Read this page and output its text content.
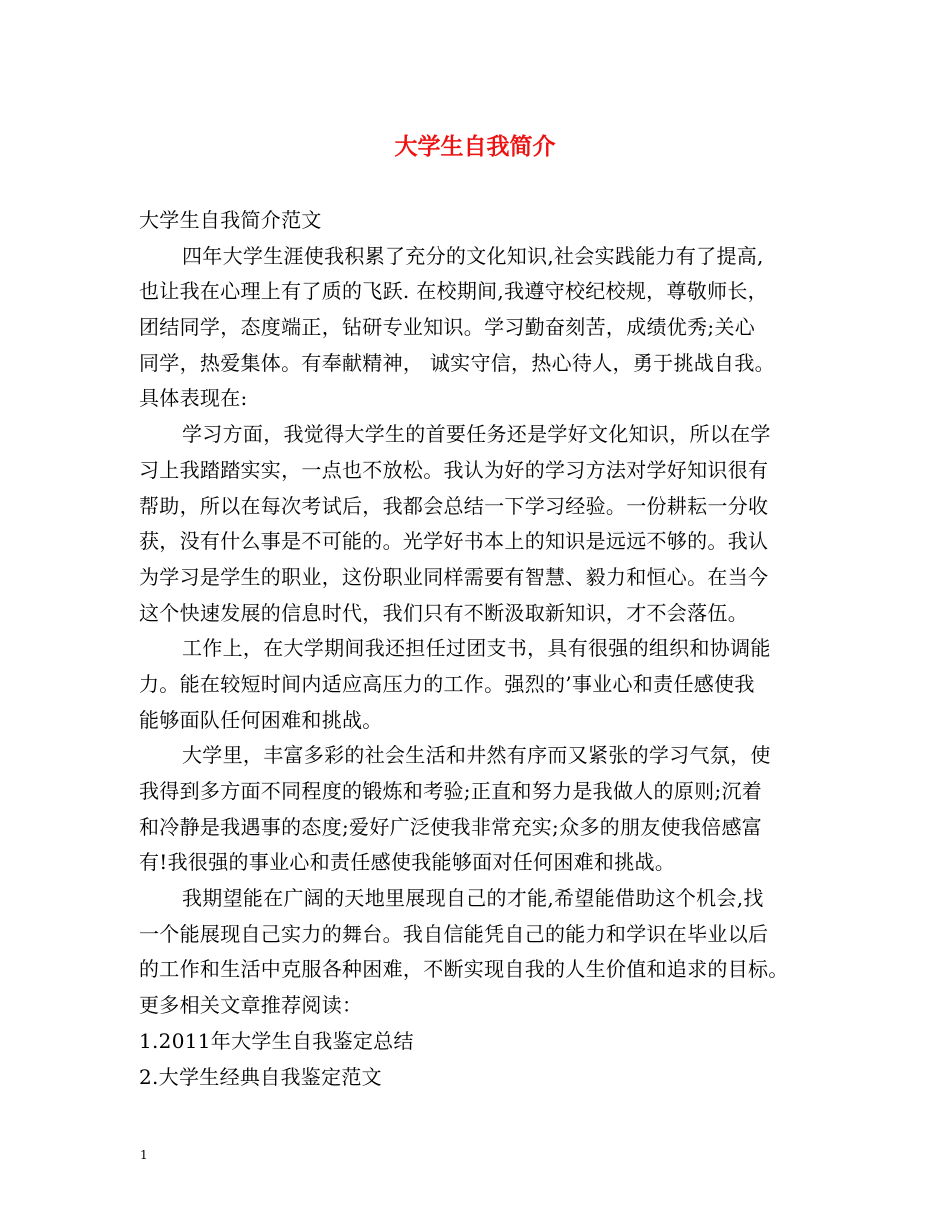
大学生自我简介
大学生自我简介范文
四年大学生涯使我积累了充分的文化知识,社会实践能力有了提高,
也让我在心理上有了质的飞跃. 在校期间,我遵守校纪校规，尊敬师长，
团结同学，态度端正，钻研专业知识。学习勤奋刻苦，成绩优秀;关心
同学，热爱集体。有奉献精神， 诚实守信，热心待人，勇于挑战自我。
具体表现在:
学习方面，我觉得大学生的首要任务还是学好文化知识，所以在学
习上我踏踏实实，一点也不放松。我认为好的学习方法对学好知识很有
帮助，所以在每次考试后，我都会总结一下学习经验。一份耕耘一分收
获，没有什么事是不可能的。光学好书本上的知识是远远不够的。我认
为学习是学生的职业，这份职业同样需要有智慧、毅力和恒心。在当今
这个快速发展的信息时代，我们只有不断汲取新知识，才不会落伍。
工作上，在大学期间我还担任过团支书，具有很强的组织和协调能
力。能在较短时间内适应高压力的工作。强烈的’事业心和责任感使我
能够面队任何困难和挑战。
大学里，丰富多彩的社会生活和井然有序而又紧张的学习气氛，使
我得到多方面不同程度的锻炼和考验;正直和努力是我做人的原则;沉着
和冷静是我遇事的态度;爱好广泛使我非常充实;众多的朋友使我倍感富
有!我很强的事业心和责任感使我能够面对任何困难和挑战。
我期望能在广阔的天地里展现自己的才能,希望能借助这个机会,找
一个能展现自己实力的舞台。我自信能凭自己的能力和学识在毕业以后
的工作和生活中克服各种困难，不断实现自我的人生价值和追求的目标。
更多相关文章推荐阅读：
1.2011年大学生自我鉴定总结
2.大学生经典自我鉴定范文
1
